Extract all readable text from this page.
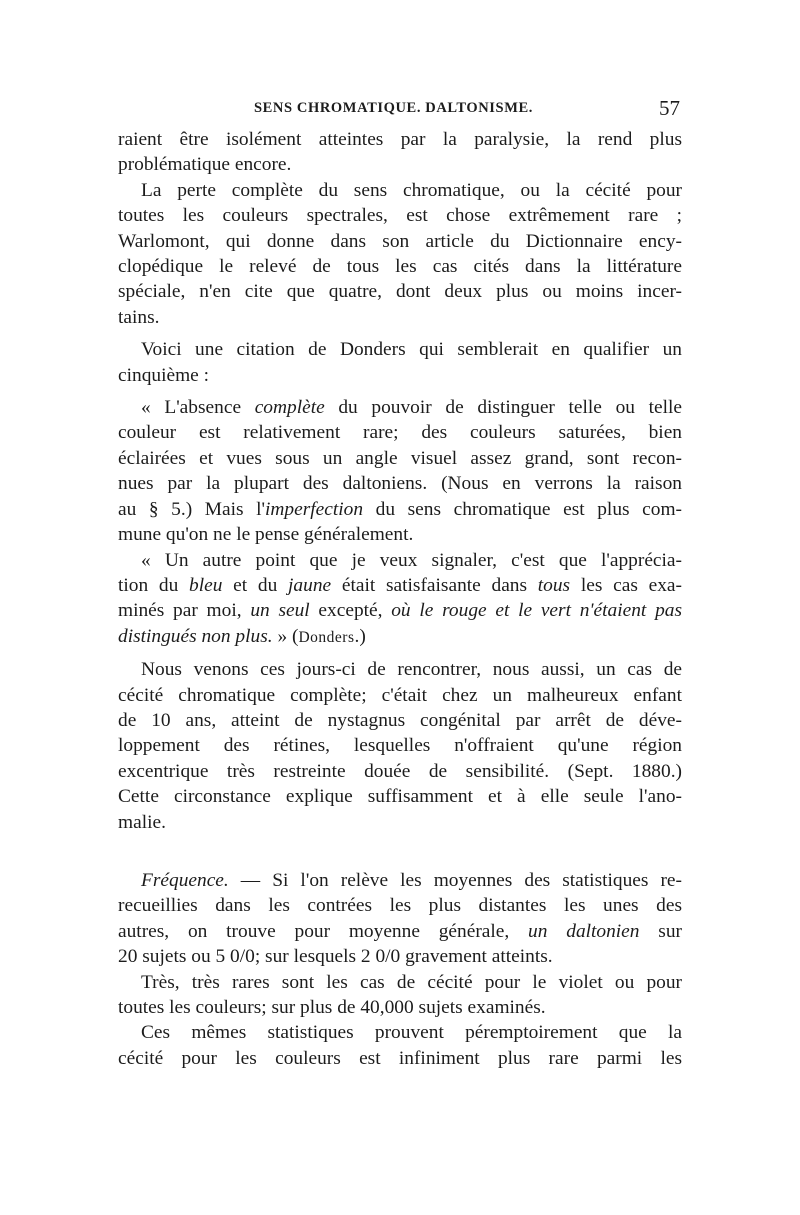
SENS CHROMATIQUE. DALTONISME.	57
raient être isolément atteintes par la paralysie, la rend plus
problématique encore.
La perte complète du sens chromatique, ou la cécité pour
toutes les couleurs spectrales, est chose extrêmement rare ;
Warlomont, qui donne dans son article du Dictionnaire ency-
clopédique le relevé de tous les cas cités dans la littérature
spéciale, n'en cite que quatre, dont deux plus ou moins incer-
tains.
Voici une citation de Donders qui semblerait en qualifier un
cinquième :
« L'absence complète du pouvoir de distinguer telle ou telle
couleur est relativement rare; des couleurs saturées, bien
éclairées et vues sous un angle visuel assez grand, sont recon-
nues par la plupart des daltoniens. (Nous en verrons la raison
au § 5.) Mais l'imperfection du sens chromatique est plus com-
mune qu'on ne le pense généralement.
« Un autre point que je veux signaler, c'est que l'apprécia-
tion du bleu et du jaune était satisfaisante dans tous les cas exa-
minés par moi, un seul excepté, où le rouge et le vert n'étaient pas
distingués non plus. » (Donders.)
Nous venons ces jours-ci de rencontrer, nous aussi, un cas de
cécité chromatique complète; c'était chez un malheureux enfant
de 10 ans, atteint de nystagnus congénital par arrêt de déve-
loppement des rétines, lesquelles n'offraient qu'une région
excentrique très restreinte douée de sensibilité. (Sept. 1880.)
Cette circonstance explique suffisamment et à elle seule l'ano-
malie.
Fréquence. — Si l'on relève les moyennes des statistiques re-
recueillies dans les contrées les plus distantes les unes des
autres, on trouve pour moyenne générale, un daltonien sur
20 sujets ou 5 0/0; sur lesquels 2 0/0 gravement atteints.
Très, très rares sont les cas de cécité pour le violet ou pour
toutes les couleurs; sur plus de 40,000 sujets examinés.
Ces mêmes statistiques prouvent péremptoirement que la
cécité pour les couleurs est infiniment plus rare parmi les
